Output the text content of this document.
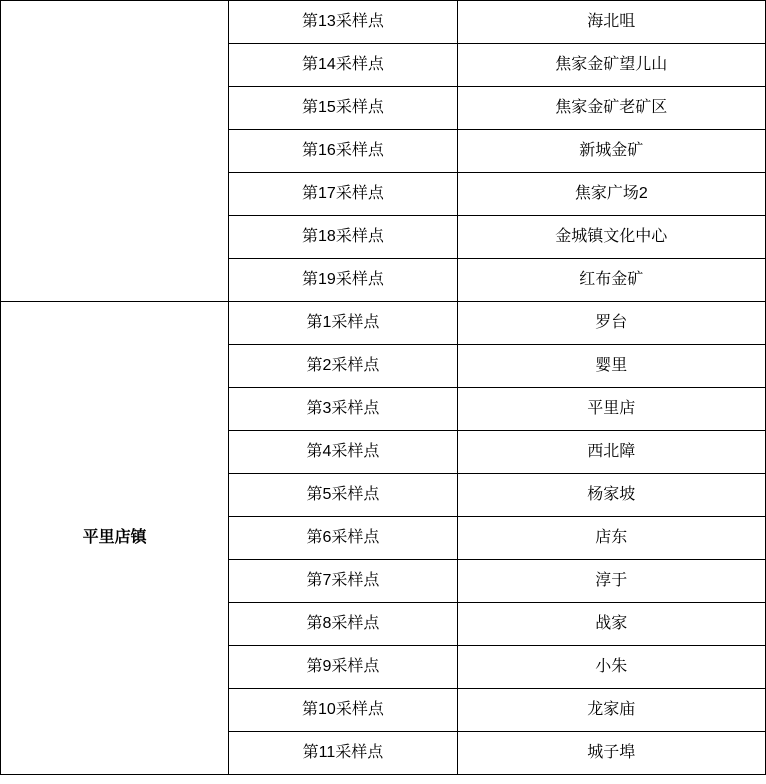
	第13采样点	海北咀
	第14采样点	焦家金矿望儿山
	第15采样点	焦家金矿老矿区
	第16采样点	新城金矿
	第17采样点	焦家广场2
	第18采样点	金城镇文化中心
	第19采样点	红布金矿
平里店镇	第1采样点	罗台
	第2采样点	婴里
	第3采样点	平里店
	第4采样点	西北障
	第5采样点	杨家坡
	第6采样点	店东
	第7采样点	淳于
	第8采样点	战家
	第9采样点	小朱
	第10采样点	龙家庙
	第11采样点	城子埠
